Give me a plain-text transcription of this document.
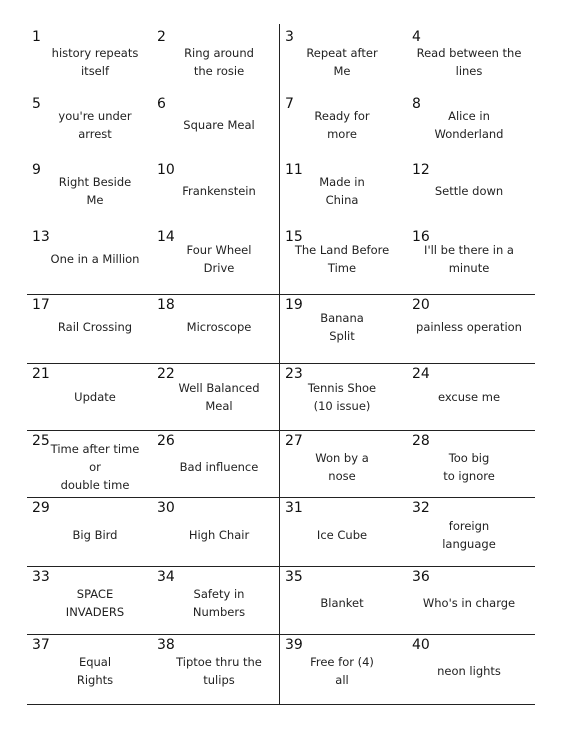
1
history repeats
itself
2
Ring around
the rosie
3
Repeat after
Me
4
Read between the
lines
5
you're under
arrest
6
Square Meal
7
Ready for
more
8
Alice in
Wonderland
9
Right Beside
Me
10
Frankenstein
11
Made in
China
12
Settle down
13
One in a Million
14
Four Wheel
Drive
15
The Land Before
Time
16
I'll be there in a
minute
17
Rail Crossing
18
Microscope
19
Banana
Split
20
painless operation
21
Update
22
Well Balanced
Meal
23
Tennis Shoe
(10 issue)
24
excuse me
25 Time after time
or
double time
26
Bad influence
27
Won by a
nose
28
Too big
to ignore
29
Big Bird
30
High Chair
31
Ice Cube
32
foreign
language
33
SPACE
INVADERS
34
Safety in
Numbers
35
Blanket
36
Who's in charge
37
Equal
Rights
38
Tiptoe thru the
tulips
39
Free for (4)
all
40
neon lights
